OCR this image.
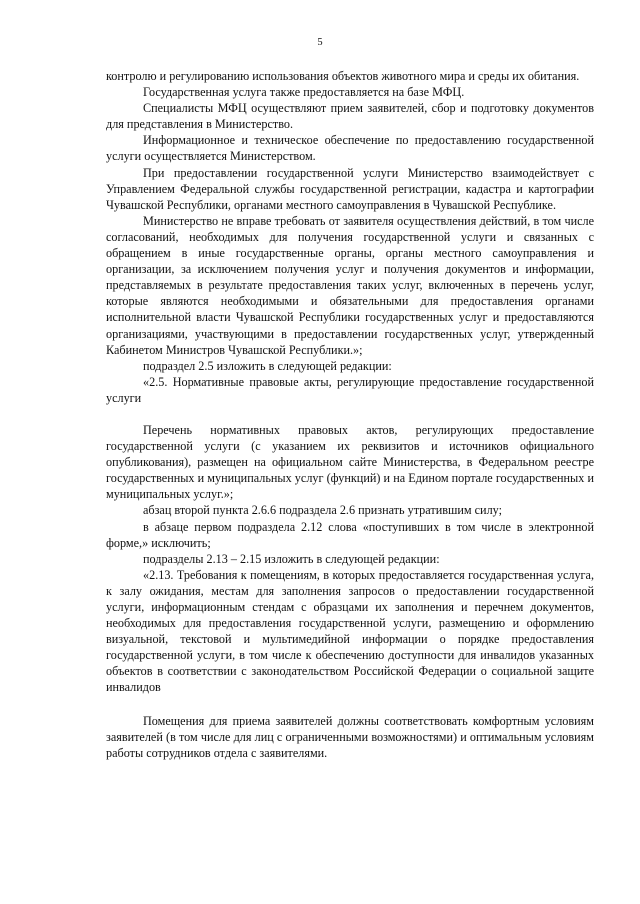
5

контролю и регулированию использования объектов животного мира и среды их обитания.

Государственная услуга также предоставляется на базе МФЦ.

Специалисты МФЦ осуществляют прием заявителей, сбор и подготовку документов для представления в Министерство.

Информационное и техническое обеспечение по предоставлению государственной услуги осуществляется Министерством.

При предоставлении государственной услуги Министерство взаимодействует с Управлением Федеральной службы государственной регистрации, кадастра и картографии Чувашской Республики, органами местного самоуправления в Чувашской Республике.

Министерство не вправе требовать от заявителя осуществления действий, в том числе согласований, необходимых для получения государственной услуги и связанных с обращением в иные государственные органы, органы местного самоуправления и организации, за исключением получения услуг и получения документов и информации, представляемых в результате предоставления таких услуг, включенных в перечень услуг, которые являются необходимыми и обязательными для предоставления органами исполнительной власти Чувашской Республики государственных услуг и предоставляются организациями, участвующими в предоставлении государственных услуг, утвержденный Кабинетом Министров Чувашской Республики.»;

подраздел 2.5 изложить в следующей редакции:

«2.5. Нормативные правовые акты, регулирующие предоставление государственной услуги

Перечень нормативных правовых актов, регулирующих предоставление государственной услуги (с указанием их реквизитов и источников официального опубликования), размещен на официальном сайте Министерства, в Федеральном реестре государственных и муниципальных услуг (функций) и на Едином портале государственных и муниципальных услуг.»;

абзац второй пункта 2.6.6 подраздела 2.6 признать утратившим силу;

в абзаце первом подраздела 2.12 слова «поступивших в том числе в электронной форме,» исключить;

подразделы 2.13 – 2.15 изложить в следующей редакции:

«2.13. Требования к помещениям, в которых предоставляется государственная услуга, к залу ожидания, местам для заполнения запросов о предоставлении государственной услуги, информационным стендам с образцами их заполнения и перечнем документов, необходимых для предоставления государственной услуги, размещению и оформлению визуальной, текстовой и мультимедийной информации о порядке предоставления государственной услуги, в том числе к обеспечению доступности для инвалидов указанных объектов в соответствии с законодательством Российской Федерации о социальной защите инвалидов

Помещения для приема заявителей должны соответствовать комфортным условиям заявителей (в том числе для лиц с ограниченными возможностями) и оптимальным условиям работы сотрудников отдела с заявителями.
